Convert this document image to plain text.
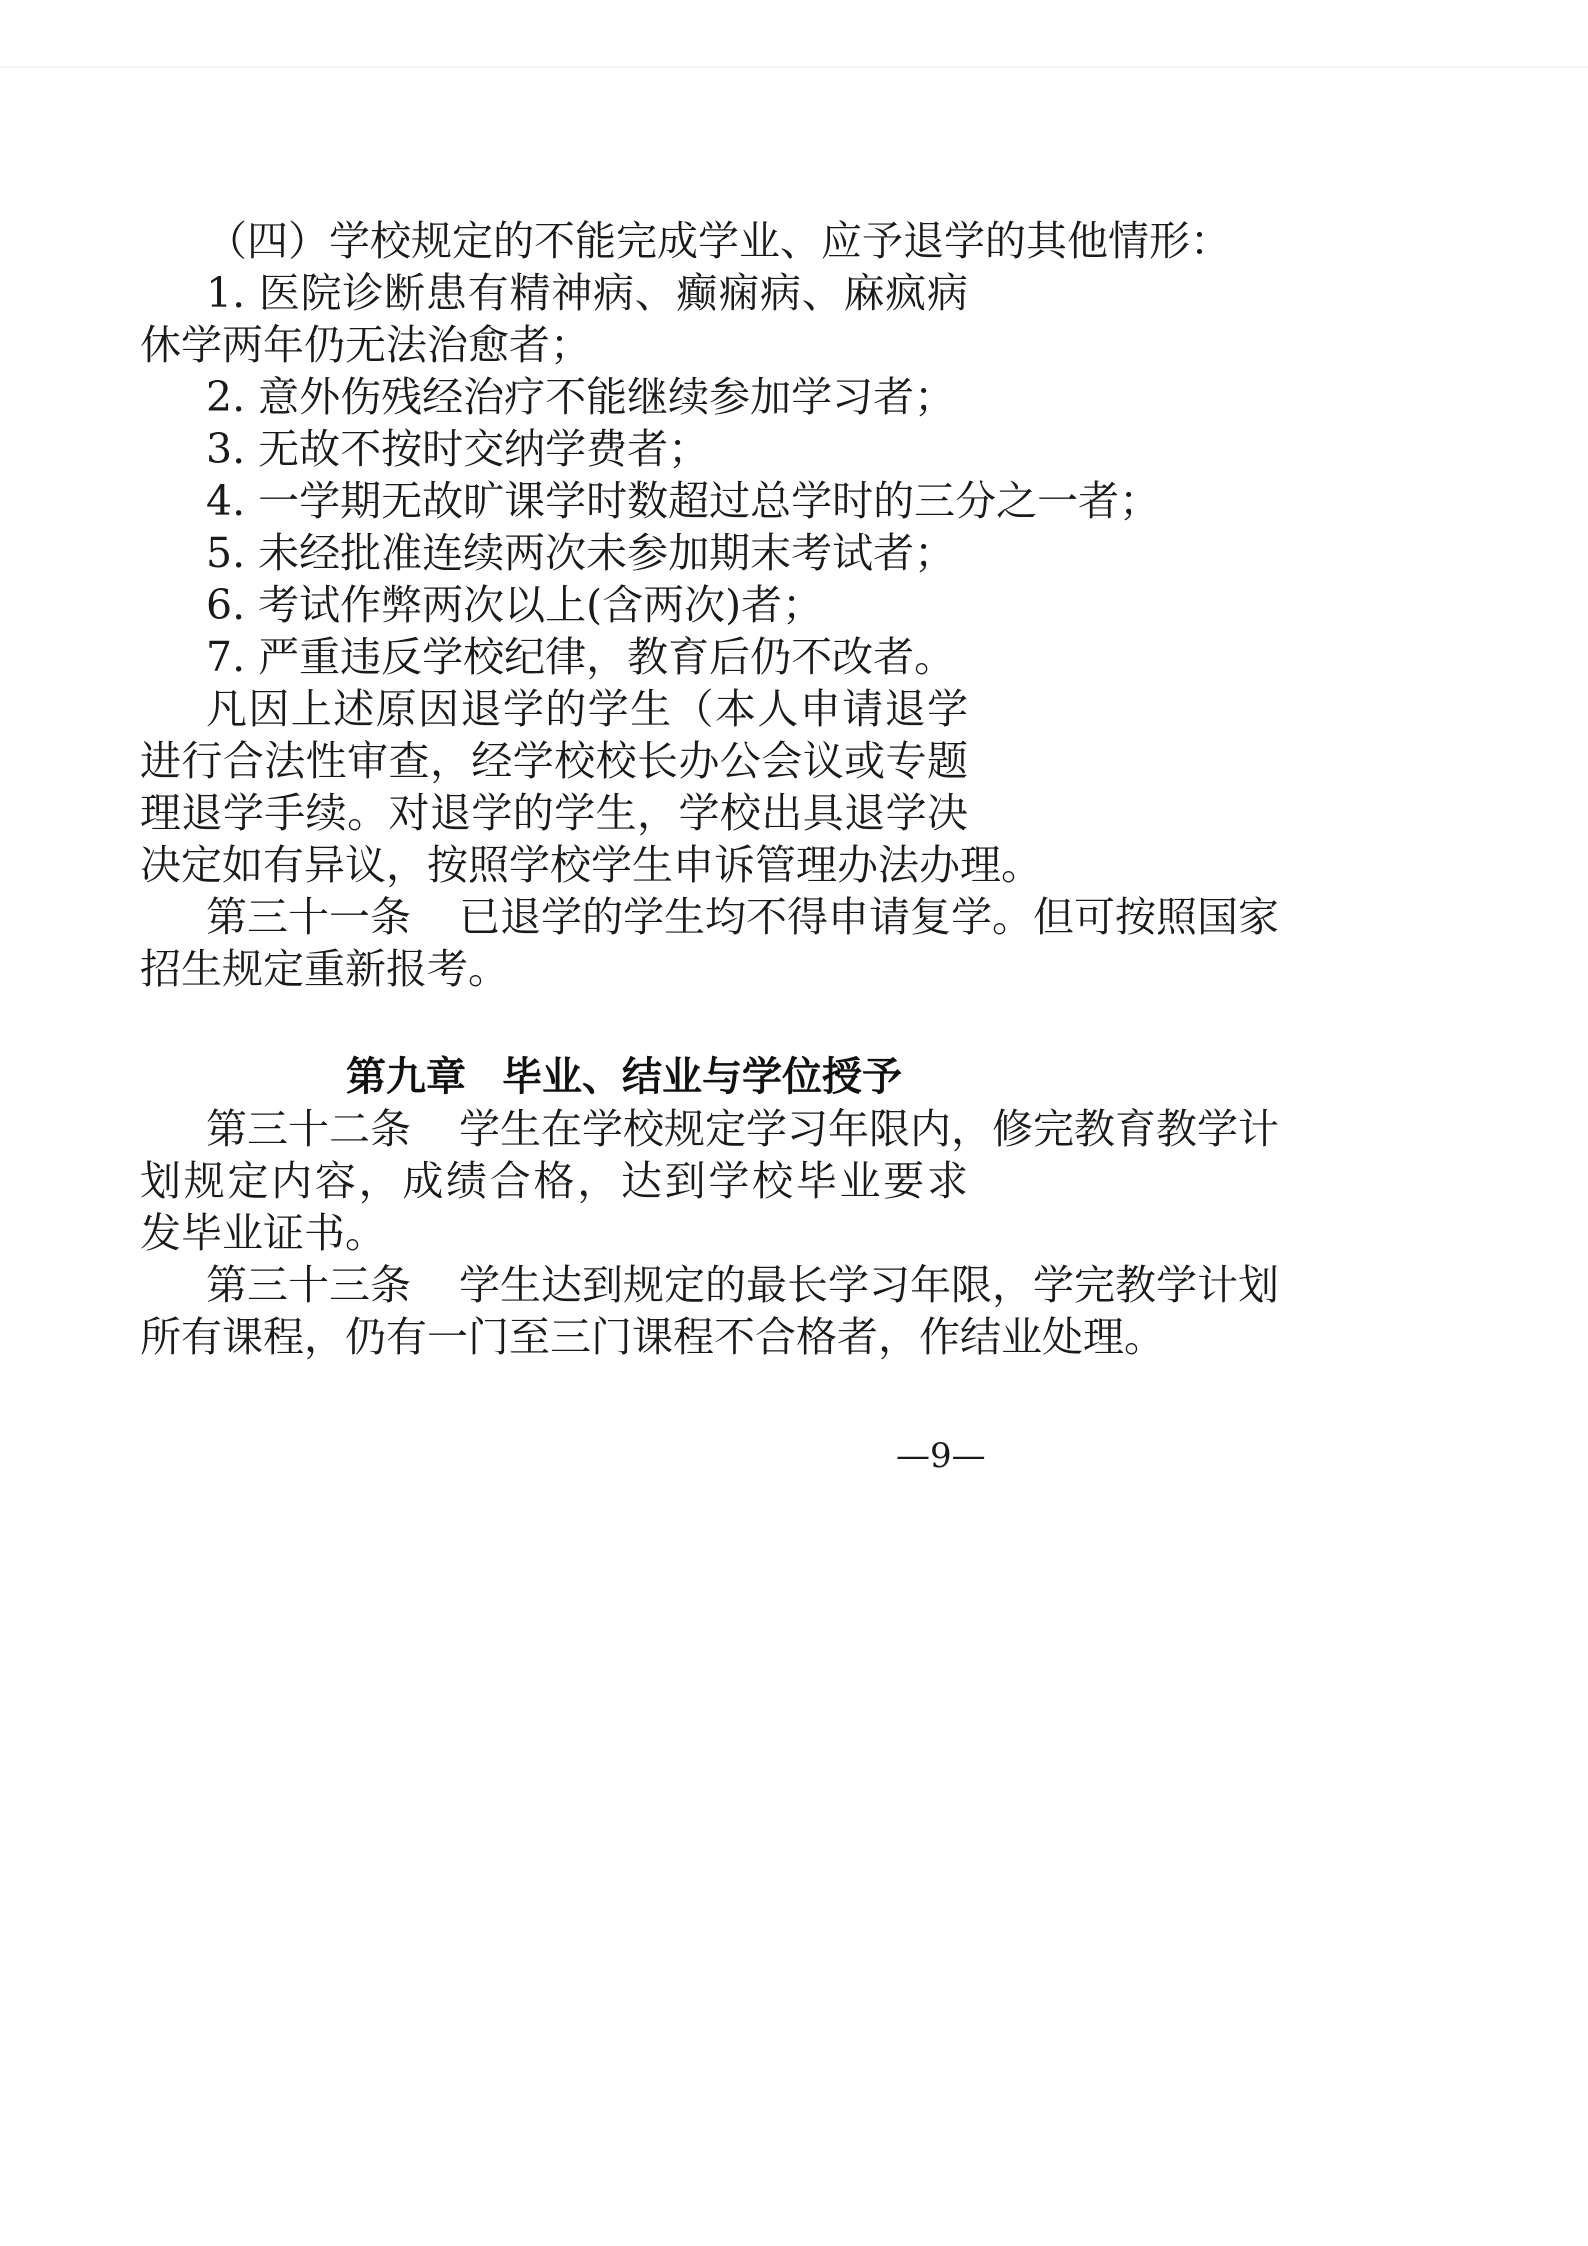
（四）学校规定的不能完成学业、应予退学的其他情形：
1. 医院诊断患有精神病、癫痫病、麻疯病
休学两年仍无法治愈者；
2. 意外伤残经治疗不能继续参加学习者；
3. 无故不按时交纳学费者；
4. 一学期无故旷课学时数超过总学时的三分之一者；
5. 未经批准连续两次未参加期末考试者；
6. 考试作弊两次以上(含两次)者；
7. 严重违反学校纪律，教育后仍不改者。
凡因上述原因退学的学生（本人申请退学
进行合法性审查，经学校校长办公会议或专题
理退学手续。对退学的学生，学校出具退学决
决定如有异议，按照学校学生申诉管理办法办理。
第三十一条 已退学的学生均不得申请复学。但可按照国家
招生规定重新报考。
第九章 毕业、结业与学位授予
第三十二条 学生在学校规定学习年限内，修完教育教学计
划规定内容，成绩合格，达到学校毕业要求
发毕业证书。
第三十三条 学生达到规定的最长学习年限，学完教学计划
所有课程，仍有一门至三门课程不合格者，作结业处理。
—9—
